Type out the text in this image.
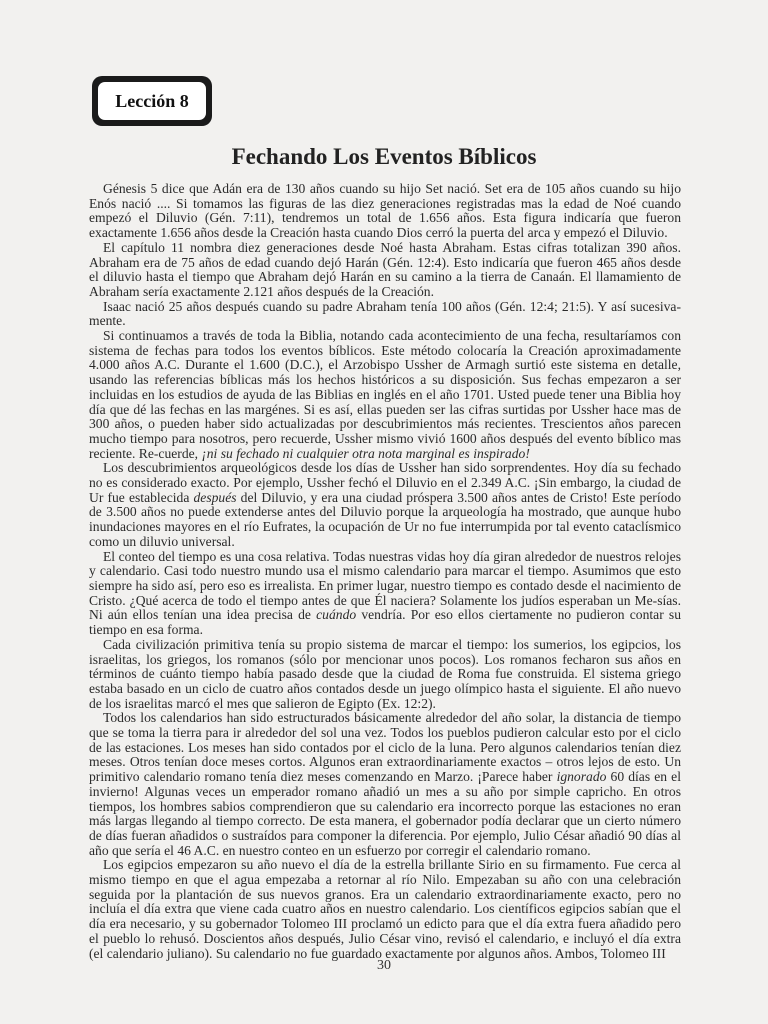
Lección 8
Fechando Los Eventos Bíblicos

Génesis 5 dice que Adán era de 130 años cuando su hijo Set nació. Set era de 105 años cuando su hijo Enós nació .... Si tomamos las figuras de las diez generaciones registradas mas la edad de Noé cuando empezó el Diluvio (Gén. 7:11), tendremos un total de 1.656 años. Esta figura indicaría que fueron exactamente 1.656 años desde la Creación hasta cuando Dios cerró la puerta del arca y empezó el Diluvio.

El capítulo 11 nombra diez generaciones desde Noé hasta Abraham. Estas cifras totalizan 390 años. Abraham era de 75 años de edad cuando dejó Harán (Gén. 12:4). Esto indicaría que fueron 465 años desde el diluvio hasta el tiempo que Abraham dejó Harán en su camino a la tierra de Canaán. El llamamiento de Abraham sería exactamente 2.121 años después de la Creación.

Isaac nació 25 años después cuando su padre Abraham tenía 100 años (Gén. 12:4; 21:5). Y así sucesiva-mente.

Si continuamos a través de toda la Biblia, notando cada acontecimiento de una fecha, resultaríamos con sistema de fechas para todos los eventos bíblicos. Este método colocaría la Creación aproximadamente 4.000 años A.C. Durante el 1.600 (D.C.), el Arzobispo Ussher de Armagh surtió este sistema en detalle, usando las referencias bíblicas más los hechos históricos a su disposición. Sus fechas empezaron a ser incluidas en los estudios de ayuda de las Biblias en inglés en el año 1701. Usted puede tener una Biblia hoy día que dé las fechas en las margénes. Si es así, ellas pueden ser las cifras surtidas por Ussher hace mas de 300 años, o pueden haber sido actualizadas por descubrimientos más recientes. Trescientos años parecen mucho tiempo para nosotros, pero recuerde, Ussher mismo vivió 1600 años después del evento bíblico mas reciente. Re-cuerde, ¡ni su fechado ni cualquier otra nota marginal es inspirado!

Los descubrimientos arqueológicos desde los días de Ussher han sido sorprendentes. Hoy día su fechado no es considerado exacto. Por ejemplo, Ussher fechó el Diluvio en el 2.349 A.C. ¡Sin embargo, la ciudad de Ur fue establecida después del Diluvio, y era una ciudad próspera 3.500 años antes de Cristo! Este período de 3.500 años no puede extenderse antes del Diluvio porque la arqueología ha mostrado, que aunque hubo inundaciones mayores en el río Eufrates, la ocupación de Ur no fue interrumpida por tal evento cataclísmico como un diluvio universal.

El conteo del tiempo es una cosa relativa. Todas nuestras vidas hoy día giran alrededor de nuestros relojes y calendario. Casi todo nuestro mundo usa el mismo calendario para marcar el tiempo. Asumimos que esto siempre ha sido así, pero eso es irrealista. En primer lugar, nuestro tiempo es contado desde el nacimiento de Cristo. ¿Qué acerca de todo el tiempo antes de que Él naciera? Solamente los judíos esperaban un Me-sías. Ni aún ellos tenían una idea precisa de cuándo vendría. Por eso ellos ciertamente no pudieron contar su tiempo en esa forma.

Cada civilización primitiva tenía su propio sistema de marcar el tiempo: los sumerios, los egipcios, los israelitas, los griegos, los romanos (sólo por mencionar unos pocos). Los romanos fecharon sus años en términos de cuánto tiempo había pasado desde que la ciudad de Roma fue construida. El sistema griego estaba basado en un ciclo de cuatro años contados desde un juego olímpico hasta el siguiente. El año nuevo de los israelitas marcó el mes que salieron de Egipto (Ex. 12:2).

Todos los calendarios han sido estructurados básicamente alrededor del año solar, la distancia de tiempo que se toma la tierra para ir alrededor del sol una vez. Todos los pueblos pudieron calcular esto por el ciclo de las estaciones. Los meses han sido contados por el ciclo de la luna. Pero algunos calendarios tenían diez meses. Otros tenían doce meses cortos. Algunos eran extraordinariamente exactos – otros lejos de esto. Un primitivo calendario romano tenía diez meses comenzando en Marzo. ¡Parece haber ignorado 60 días en el invierno! Algunas veces un emperador romano añadió un mes a su año por simple capricho. En otros tiempos, los hombres sabios comprendieron que su calendario era incorrecto porque las estaciones no eran más largas llegando al tiempo correcto. De esta manera, el gobernador podía declarar que un cierto número de días fueran añadidos o sustraídos para componer la diferencia. Por ejemplo, Julio César añadió 90 días al año que sería el 46 A.C. en nuestro conteo en un esfuerzo por corregir el calendario romano.

Los egipcios empezaron su año nuevo el día de la estrella brillante Sirio en su firmamento. Fue cerca al mismo tiempo en que el agua empezaba a retornar al río Nilo. Empezaban su año con una celebración seguida por la plantación de sus nuevos granos. Era un calendario extraordinariamente exacto, pero no incluía el día extra que viene cada cuatro años en nuestro calendario. Los científicos egipcios sabían que el día era necesario, y su gobernador Tolomeo III proclamó un edicto para que el día extra fuera añadido pero el pueblo lo rehusó. Doscientos años después, Julio César vino, revisó el calendario, e incluyó el día extra (el calendario juliano). Su calendario no fue guardado exactamente por algunos años. Ambos, Tolomeo III

30
